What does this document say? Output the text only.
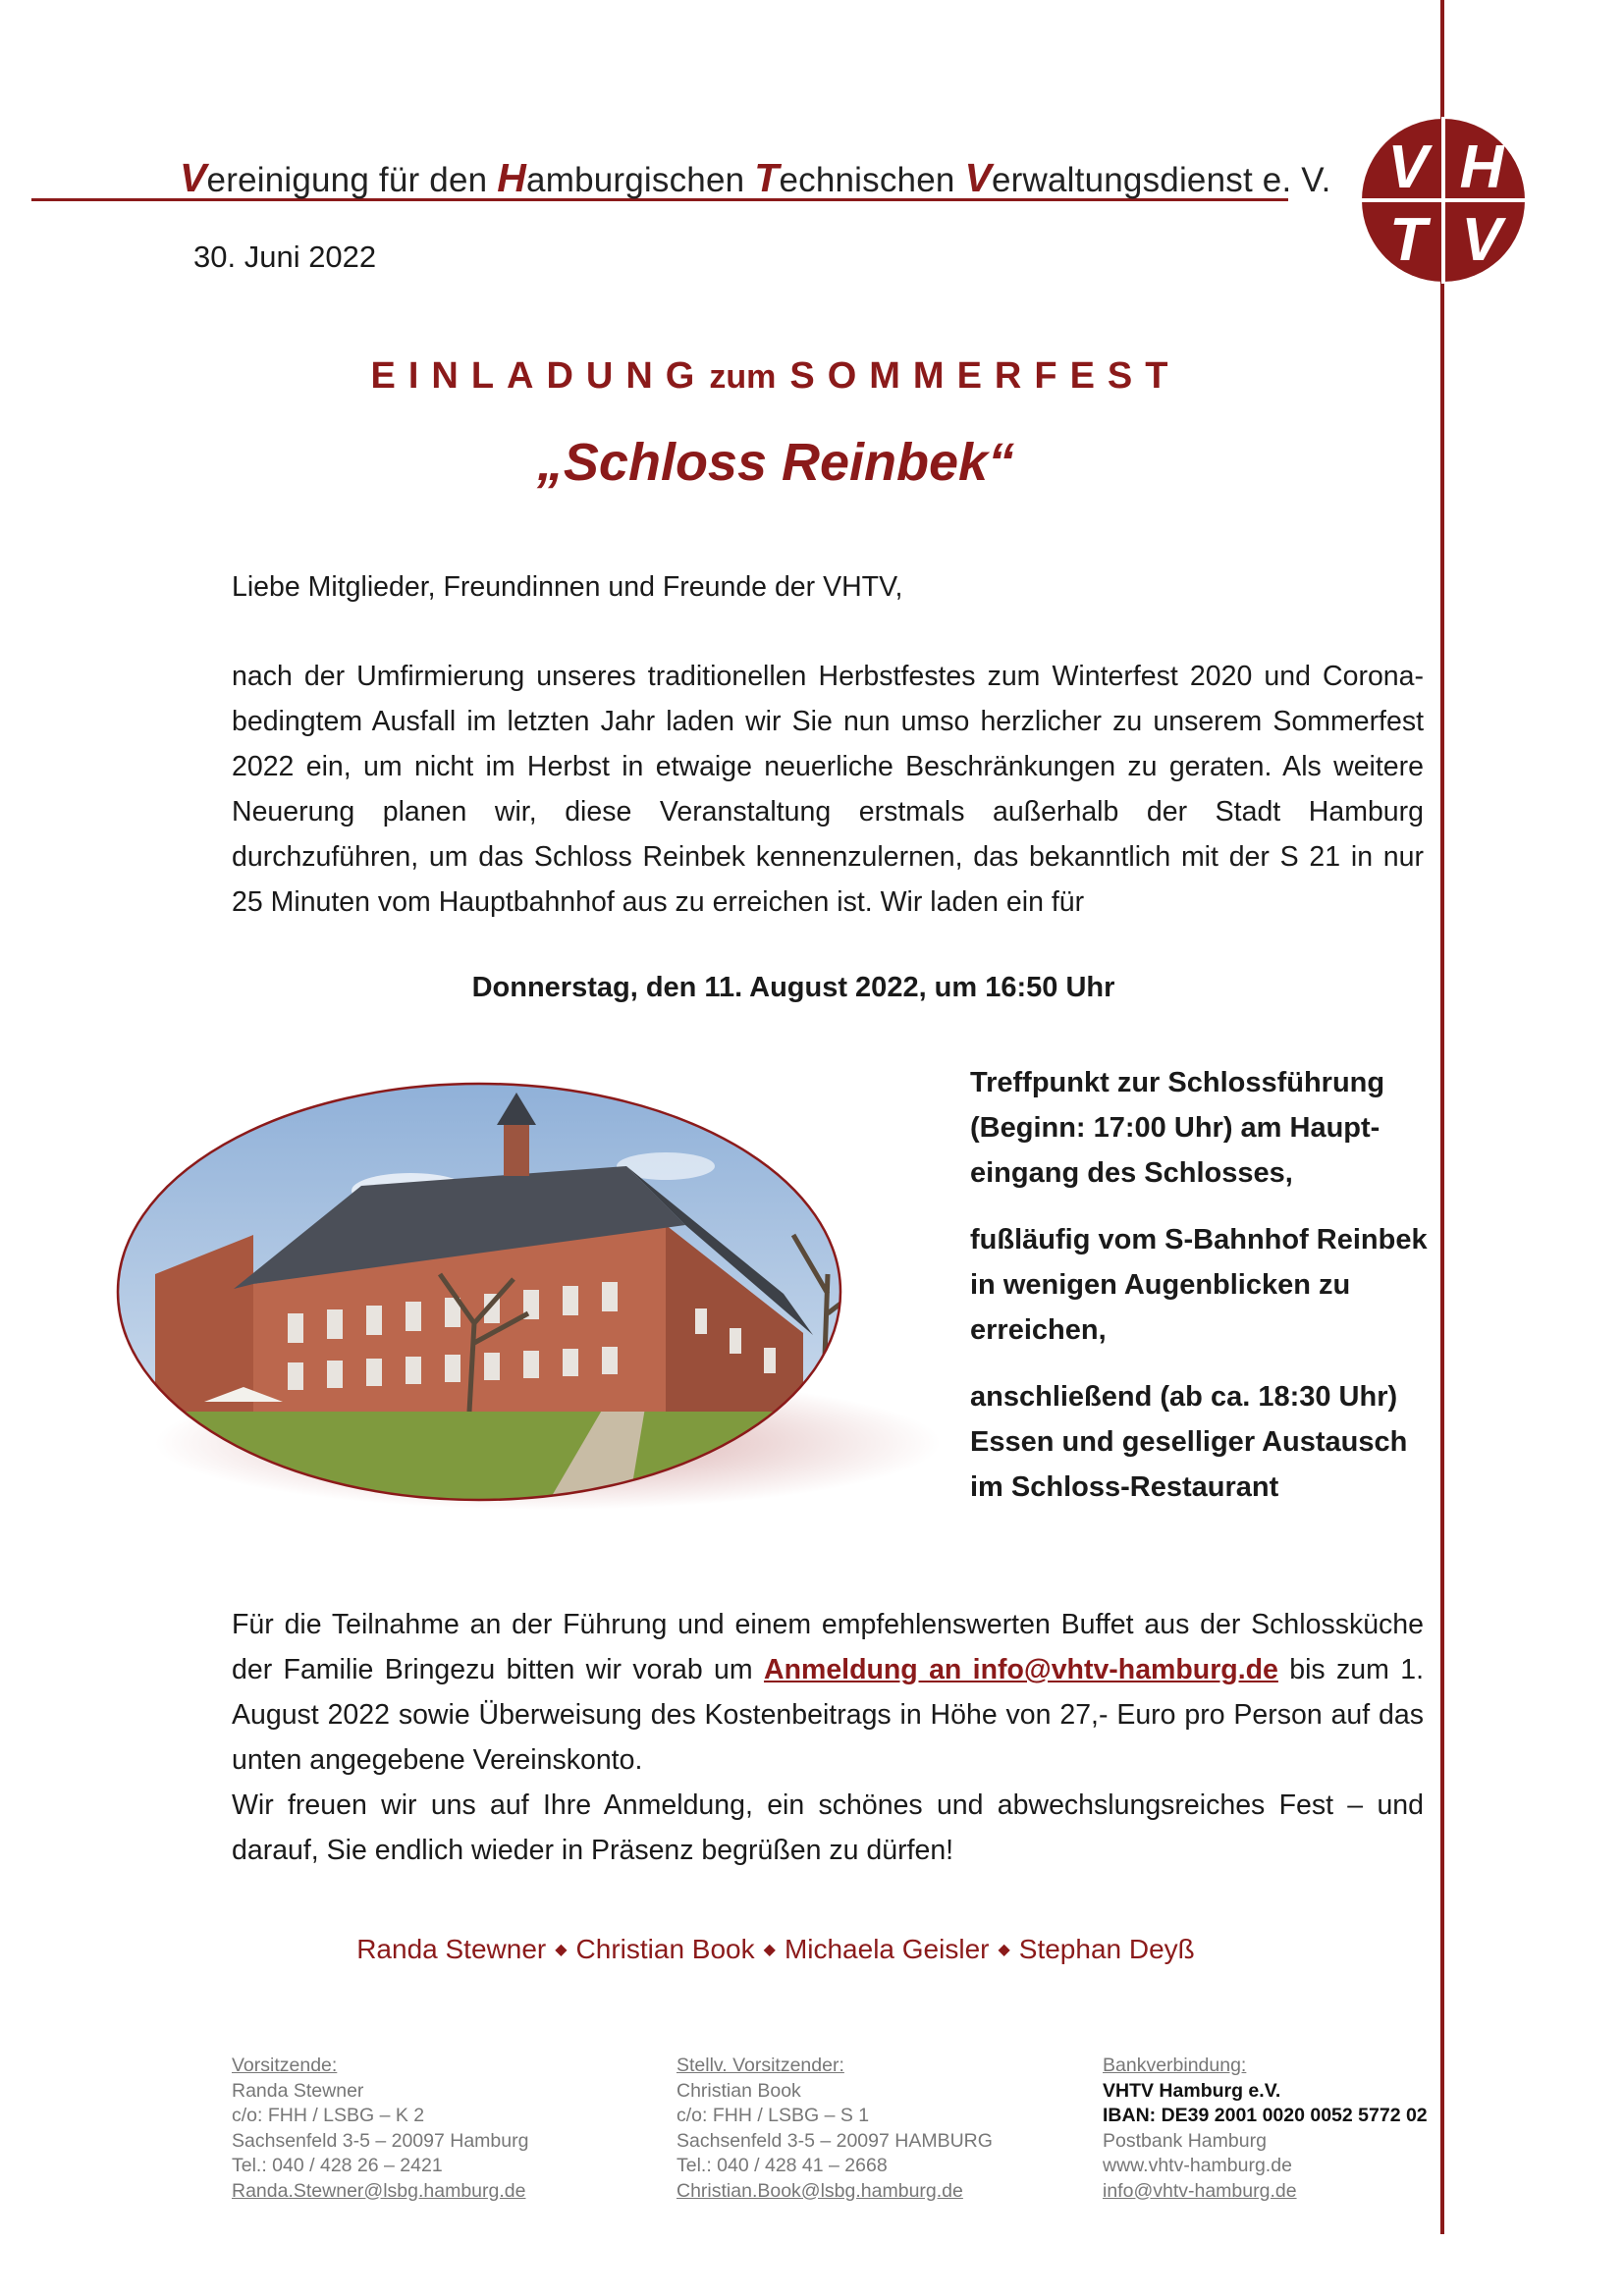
Vereinigung für den Hamburgischen Technischen Verwaltungsdienst e. V. V H
T V
30. Juni 2022
EINLADUNGzum SOMMERFEST
„Schloss Reinbek“
Liebe Mitglieder, Freundinnen und Freunde der VHTV,
nach der Umfirmierung unseres traditionellen Herbstfestes zum Winterfest 2020 und Corona-bedingtem Ausfall im letzten Jahr laden wir Sie nun umso herzlicher zu unserem Sommerfest 2022 ein, um nicht im Herbst in etwaige neuerliche Beschränkungen zu geraten. Als weitere Neuerung planen wir, diese Veranstaltung erstmals außerhalb der Stadt Hamburg durchzuführen, um das Schloss Reinbek kennenzulernen, das bekanntlich mit der S 21 in nur 25 Minuten vom Hauptbahnhof aus zu erreichen ist. Wir laden ein für
Donnerstag, den 11. August 2022, um 16:50 Uhr

Treffpunkt zur Schlossführung (Beginn: 17:00 Uhr) am Haupt-eingang des Schlosses,

fußläufig vom S-Bahnhof Reinbek in wenigen Augenblicken zu erreichen,

anschließend (ab ca. 18:30 Uhr) Essen und geselliger Austausch im Schloss-Restaurant

Für die Teilnahme an der Führung und einem empfehlenswerten Buffet aus der Schlossküche der Familie Bringezu bitten wir vorab um Anmeldung an info@vhtv-hamburg.de bis zum 1. August 2022 sowie Überweisung des Kostenbeitrags in Höhe von 27,- Euro pro Person auf das unten angegebene Vereinskonto.
Wir freuen wir uns auf Ihre Anmeldung, ein schönes und abwechslungsreiches Fest – und darauf, Sie endlich wieder in Präsenz begrüßen zu dürfen!
Randa Stewner ◆ Christian Book ◆ Michaela Geisler ◆ Stephan Deyß
Vorsitzende:
Randa Stewner
c/o: FHH / LSBG – K 2
Sachsenfeld 3-5 – 20097 Hamburg
Tel.: 040 / 428 26 – 2421
Randa.Stewner@lsbg.hamburg.de
Stellv. Vorsitzender:
Christian Book
c/o: FHH / LSBG – S 1
Sachsenfeld 3-5 – 20097 HAMBURG
Tel.: 040 / 428 41 – 2668
Christian.Book@lsbg.hamburg.de
Bankverbindung:
VHTV Hamburg e.V.
IBAN: DE39 2001 0020 0052 5772 02
Postbank Hamburg
www.vhtv-hamburg.de
info@vhtv-hamburg.de
